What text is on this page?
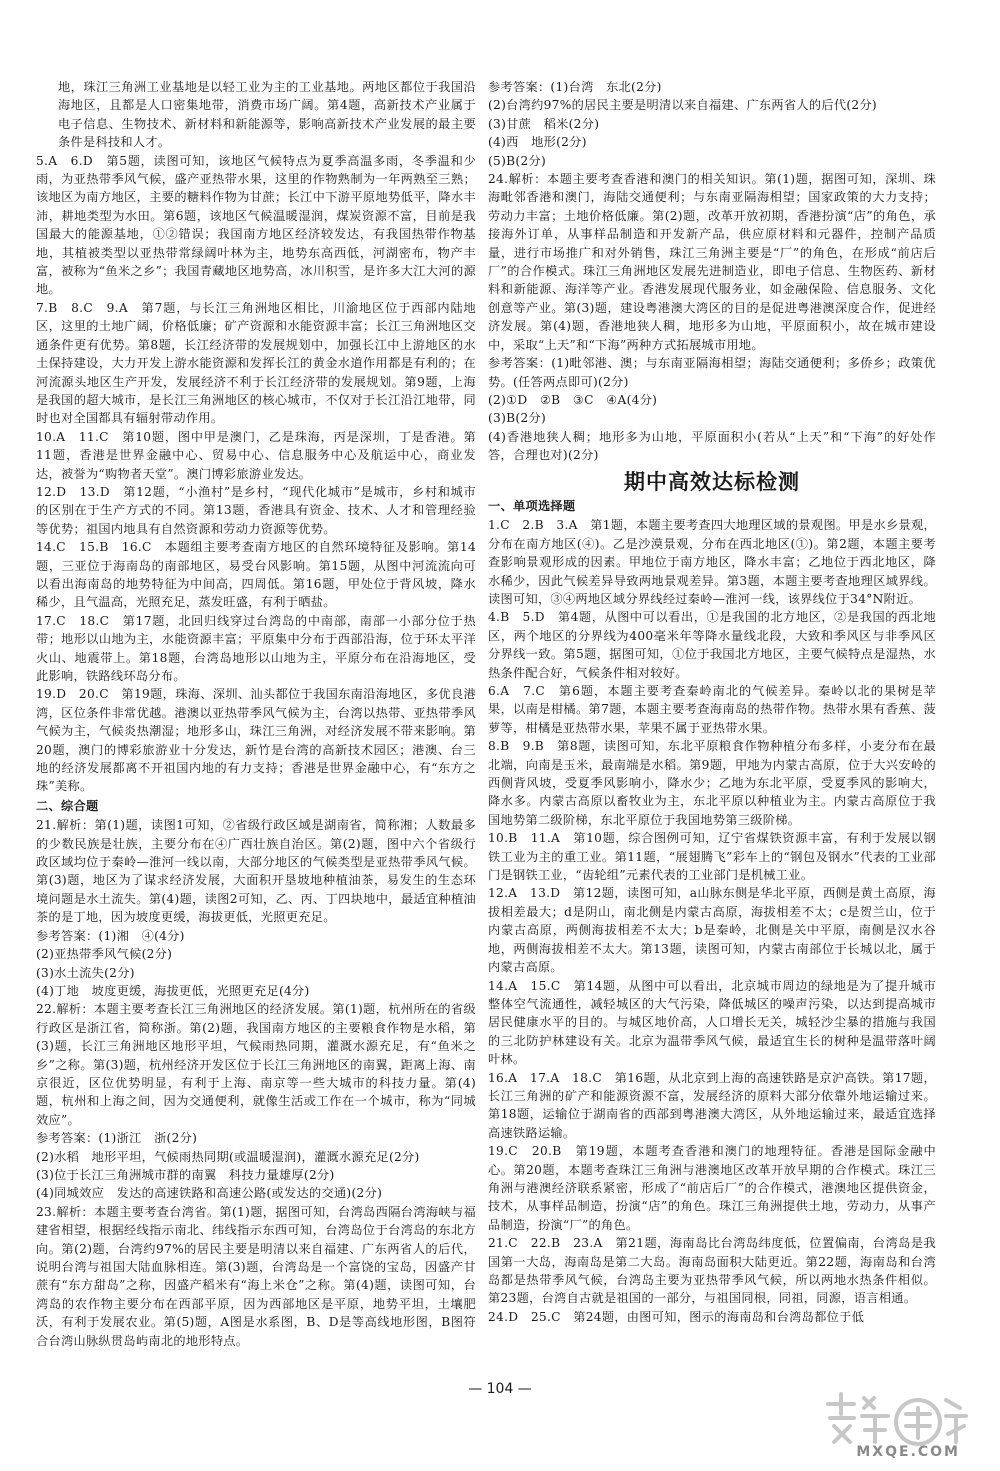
地，珠江三角洲工业基地是以轻工业为主的工业基地。两地区都位于我国沿海地区，且都是人口密集地带，消费市场广阔。第4题，高新技术产业属于电子信息、生物技术、新材料和新能源等，影响高新技术产业发展的最主要条件是科技和人才。

5.A　6.D　第5题，读图可知，该地区气候特点为夏季高温多雨，冬季温和少雨，为亚热带季风气候，盛产亚热带水果，这里的作物熟制为一年两熟至三熟；该地区为南方地区，主要的糖料作物为甘蔗；长江中下游平原地势低平，降水丰沛，耕地类型为水田。第6题，该地区气候温暖湿润，煤炭资源不富，目前是我国最大的能源基地，①②错误；我国南方地区经济较发达，有我国热带作物基地，其植被类型以亚热带常绿阔叶林为主，地势东高西低，河湖密布，物产丰富，被称为“鱼米之乡”；我国青藏地区地势高，冰川积雪，是许多大江大河的源地。

7.B　8.C　9.A　第7题，与长江三角洲地区相比，川渝地区位于西部内陆地区，这里的土地广阔，价格低廉；矿产资源和水能资源丰富；长江三角洲地区交通条件更有优势。第8题，长江经济带的发展规划中，加强长江中上游地区的水土保持建设，大力开发上游水能资源和发挥长江的黄金水道作用都是有利的；在河流源头地区生产开发，发展经济不利于长江经济带的发展规划。第9题，上海是我国的超大城市，是长江三角洲地区的核心城市，不仅对于长江沿江地带，同时也对全国都具有辐射带动作用。

10.A　11.C　第10题，图中甲是澳门，乙是珠海，丙是深圳，丁是香港。第11题，香港是世界金融中心、贸易中心、信息服务中心及航运中心，商业发达，被誉为“购物者天堂”。澳门博彩旅游业发达。

12.D　13.D　第12题，“小渔村”是乡村，“现代化城市”是城市，乡村和城市的区别在于生产方式的不同。第13题，香港具有资金、技术、人才和管理经验等优势；祖国内地具有自然资源和劳动力资源等优势。

14.C　15.B　16.C　本题组主要考查南方地区的自然环境特征及影响。第14题，三亚位于海南岛的南部地区，易受台风影响。第15题，从图中河流流向可以看出海南岛的地势特征为中间高，四周低。第16题，甲处位于背风坡，降水稀少，且气温高，光照充足，蒸发旺盛，有利于晒盐。

17.C　18.C　第17题，北回归线穿过台湾岛的中南部，南部一小部分位于热带；地形以山地为主，水能资源丰富；平原集中分布于西部沿海，位于环太平洋火山、地震带上。第18题，台湾岛地形以山地为主，平原分布在沿海地区，受此影响，铁路线环岛分布。

19.D　20.C　第19题，珠海、深圳、汕头都位于我国东南沿海地区，多优良港湾，区位条件非常优越。港澳以亚热带季风气候为主，台湾以热带、亚热带季风气候为主，气候炎热潮湿；地形多山，珠江三角洲，对经济发展不带来影响。第20题，澳门的博彩旅游业十分发达，新竹是台湾的高新技术园区；港澳、台三地的经济发展都离不开祖国内地的有力支持；香港是世界金融中心，有“东方之珠”美称。

二、综合题

21.解析：第(1)题，读图1可知，②省级行政区域是湖南省，简称湘；人数最多的少数民族是壮族，主要分布在④广西壮族自治区。第(2)题，图中六个省级行政区域均位于秦岭—淮河一线以南，大部分地区的气候类型是亚热带季风气候。第(3)题，地区为了谋求经济发展，大面积开垦坡地种植油茶，易发生的生态环境问题是水土流失。第(4)题，读图2可知，乙、丙、丁四块地中，最适宜种植油茶的是丁地，因为坡度更缓，海拔更低，光照更充足。

参考答案：(1)湘　④(4分)

(2)亚热带季风气候(2分)

(3)水土流失(2分)

(4)丁地　坡度更缓，海拔更低，光照更充足(4分)

22.解析：本题主要考查长江三角洲地区的经济发展。第(1)题，杭州所在的省级行政区是浙江省，简称浙。第(2)题，我国南方地区的主要粮食作物是水稻，第(3)题，长江三角洲地区地形平坦，气候雨热同期，灌溉水源充足，有“鱼米之乡”之称。第(3)题，杭州经济开发区位于长江三角洲地区的南翼，距离上海、南京很近，区位优势明显，有利于上海、南京等一些大城市的科技力量。第(4)题，杭州和上海之间，因为交通便利，就像生活或工作在一个城市，称为“同城效应”。

参考答案：(1)浙江　浙(2分)

(2)水稻　地形平坦，气候雨热同期(或温暖湿润)，灌溉水源充足(2分)

(3)位于长江三角洲城市群的南翼　科技力量雄厚(2分)

(4)同城效应　发达的高速铁路和高速公路(或发达的交通)(2分)

23.解析：本题主要考查台湾省。第(1)题，据图可知，台湾岛西隔台湾海峡与福建省相望，根据经线指示南北、纬线指示东西可知，台湾岛位于台湾岛的东北方向。第(2)题，台湾约97%的居民主要是明清以来自福建、广东两省人的后代，说明台湾与祖国大陆血脉相连。第(3)题，台湾岛是一个富饶的宝岛，因盛产甘蔗有“东方甜岛”之称，因盛产稻米有“海上米仓”之称。第(4)题，读图可知，台湾岛的农作物主要分布在西部平原，因为西部地区是平原，地势平坦，土壤肥沃，有利于发展农业。第(5)题，A图是水系图，B、D是等高线地形图，B图符合台湾山脉纵贯岛屿南北的地形特点。

参考答案：(1)台湾　东北(2分)

(2)台湾约97%的居民主要是明清以来自福建、广东两省人的后代(2分)

(3)甘蔗　稻米(2分)

(4)西　地形(2分)

(5)B(2分)

24.解析：本题主要考查香港和澳门的相关知识。第(1)题，据图可知，深圳、珠海毗邻香港和澳门，海陆交通便利；与东南亚隔海相望；国家政策的大力支持；劳动力丰富；土地价格低廉。第(2)题，改革开放初期，香港扮演“店”的角色，承接海外订单，从事样品制造和开发新产品，供应原材料和元器件，控制产品质量，进行市场推广和对外销售，珠江三角洲主要是“厂”的角色，在形成“前店后厂”的合作模式。珠江三角洲地区发展先进制造业，即电子信息、生物医药、新材料和新能源、海洋等产业。香港发展现代服务业，如金融保险、信息服务、文化创意等产业。第(3)题，建设粤港澳大湾区的目的是促进粤港澳深度合作，促进经济发展。第(4)题，香港地狭人稠，地形多为山地，平原面积小，故在城市建设中，采取“上天”和“下海”两种方式拓展城市用地。

参考答案：(1)毗邻港、澳；与东南亚隔海相望；海陆交通便利；多侨乡；政策优势。(任答两点即可)(2分)

(2)①D　②B　③C　④A(4分)

(3)B(2分)

(4)香港地狭人稠；地形多为山地，平原面积小(若从“上天”和“下海”的好处作答，合理也对)(2分)

期中高效达标检测

一、单项选择题

1.C　2.B　3.A　第1题，本题主要考查四大地理区域的景观图。甲是水乡景观，分布在南方地区(④)。乙是沙漠景观，分布在西北地区(①)。第2题，本题主要考查影响景观形成的因素。甲地位于南方地区，降水丰富；乙地位于西北地区，降水稀少，因此气候差异导致两地景观差异。第3题，本题主要考查地理区域界线。读图可知，③④两地区域分界线经过秦岭—淮河一线，该界线位于34°N附近。

4.B　5.D　第4题，从图中可以看出，①是我国的北方地区，②是我国的西北地区，两个地区的分界线为400毫米年等降水量线北段，大致和季风区与非季风区分界线一致。第5题，据图可知，①位于我国北方地区，主要气候特点是湿热，水热条件配合好，气候条件相对较好。

6.A　7.C　第6题，本题主要考查秦岭南北的气候差异。秦岭以北的果树是苹果，以南是柑橘。第7题，本题主要考查海南岛的热带作物。热带水果有香蕉、菠萝等，柑橘是亚热带水果，苹果不属于亚热带水果。

8.B　9.B　第8题，读图可知，东北平原粮食作物种植分布多样，小麦分布在最北端，向南是玉米，最南端是水稻。第9题，甲地为内蒙古高原，位于大兴安岭的西侧背风坡，受夏季风影响小，降水少；乙地为东北平原，受夏季风的影响大，降水多。内蒙古高原以畜牧业为主，东北平原以种植业为主。内蒙古高原位于我国地势第二级阶梯，东北平原位于我国地势第三级阶梯。

10.B　11.A　第10题，综合图例可知，辽宁省煤铁资源丰富，有利于发展以钢铁工业为主的重工业。第11题，“展翅腾飞”彩车上的“钢包及钢水”代表的工业部门是钢铁工业，“齿轮组”元素代表的工业部门是机械工业。

12.A　13.D　第12题，读图可知，a山脉东侧是华北平原，西侧是黄土高原，海拔相差最大；d是阴山，南北侧是内蒙古高原，海拔相差不太；c是贺兰山，位于内蒙古高原，两侧海拔相差不太大；b是秦岭，北侧是关中平原，南侧是汉水谷地，两侧海拔相差不太大。第13题，读图可知，内蒙古南部位于长城以北，属于内蒙古高原。

14.A　15.C　第14题，从图中可以看出，北京城市周边的绿地是为了提升城市整体空气流通性，减轻城区的大气污染，降低城区的噪声污染，以达到提高城市居民健康水平的目的。与城区地价高，人口增长无关，城轻沙尘暴的措施与我国的三北防护林建设有关。北京为温带季风气候，最适宜生长的树种是温带落叶阔叶林。

16.A　17.A　18.C　第16题，从北京到上海的高速铁路是京沪高铁。第17题，长江三角洲的矿产和能源资源不富，发展经济的原料大部分依靠外地运输过来。第18题，运输位于湖南省的西部到粤港澳大湾区，从外地运输过来，最适宜选择高速铁路运输。

19.C　20.B　第19题，本题考查香港和澳门的地理特征。香港是国际金融中心。第20题，本题考查珠江三角洲与港澳地区改革开放早期的合作模式。珠江三角洲与港澳经济联系紧密，形成了“前店后厂”的合作模式，港澳地区提供资金，技术，从事样品制造，扮演“店”的角色。珠江三角洲提供土地，劳动力，从事产品制造，扮演“厂”的角色。

21.C　22.B　23.A　第21题，海南岛比台湾岛纬度低，位置偏南，台湾岛是我国第一大岛，海南岛是第二大岛。海南岛面积大陆更近。第22题，海南岛和台湾岛都是热带季风气候，台湾岛主要为亚热带季风气候，所以两地水热条件相似。第23题，台湾自古就是祖国的一部分，与祖国同根，同祖，同源，语言相通。

24.D　25.C　第24题，由图可知，图示的海南岛和台湾岛都位于低

— 104 —
MXQE.COM
